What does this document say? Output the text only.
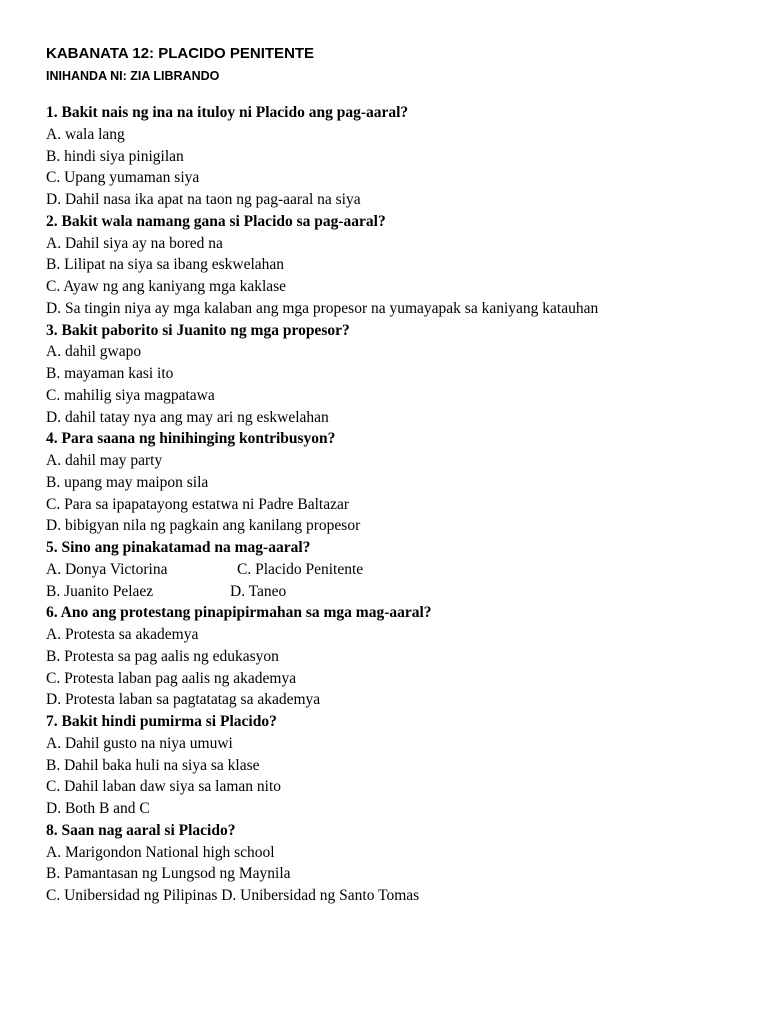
KABANATA 12: PLACIDO PENITENTE
INIHANDA NI: ZIA LIBRANDO
1. Bakit nais ng ina na ituloy ni Placido ang pag-aaral?
A. wala lang
B. hindi siya pinigilan
C. Upang yumaman siya
D. Dahil nasa ika apat na taon ng pag-aaral na siya
2. Bakit wala namang gana si Placido sa pag-aaral?
A. Dahil siya ay na bored na
B. Lilipat na siya sa ibang eskwelahan
C. Ayaw ng ang kaniyang mga kaklase
D. Sa tingin niya ay mga kalaban ang mga propesor na yumayapak sa kaniyang katauhan
3. Bakit paborito si Juanito ng mga propesor?
A. dahil gwapo
B. mayaman kasi ito
C. mahilig siya magpatawa
D. dahil tatay nya ang may ari ng eskwelahan
4. Para saana ng hinihinging kontribusyon?
A. dahil may party
B. upang may maipon sila
C. Para sa ipapatayong estatwa ni Padre Baltazar
D. bibigyan nila ng pagkain ang kanilang propesor
5. Sino ang pinakatamad na mag-aaral?
A. Donya Victorina	C. Placido Penitente
B. Juanito Pelaez	D. Taneo
6. Ano ang protestang pinapipirmahan sa mga mag-aaral?
A. Protesta sa akademya
B. Protesta sa pag aalis ng edukasyon
C. Protesta laban pag aalis ng akademya
D. Protesta laban sa pagtatatag sa akademya
7. Bakit hindi pumirma si Placido?
A. Dahil gusto na niya umuwi
B. Dahil baka huli na siya sa klase
C. Dahil laban daw siya sa laman nito
D. Both B and C
8. Saan nag aaral si Placido?
A. Marigondon National high school
B. Pamantasan ng Lungsod ng Maynila
C. Unibersidad ng Pilipinas D. Unibersidad ng Santo Tomas
